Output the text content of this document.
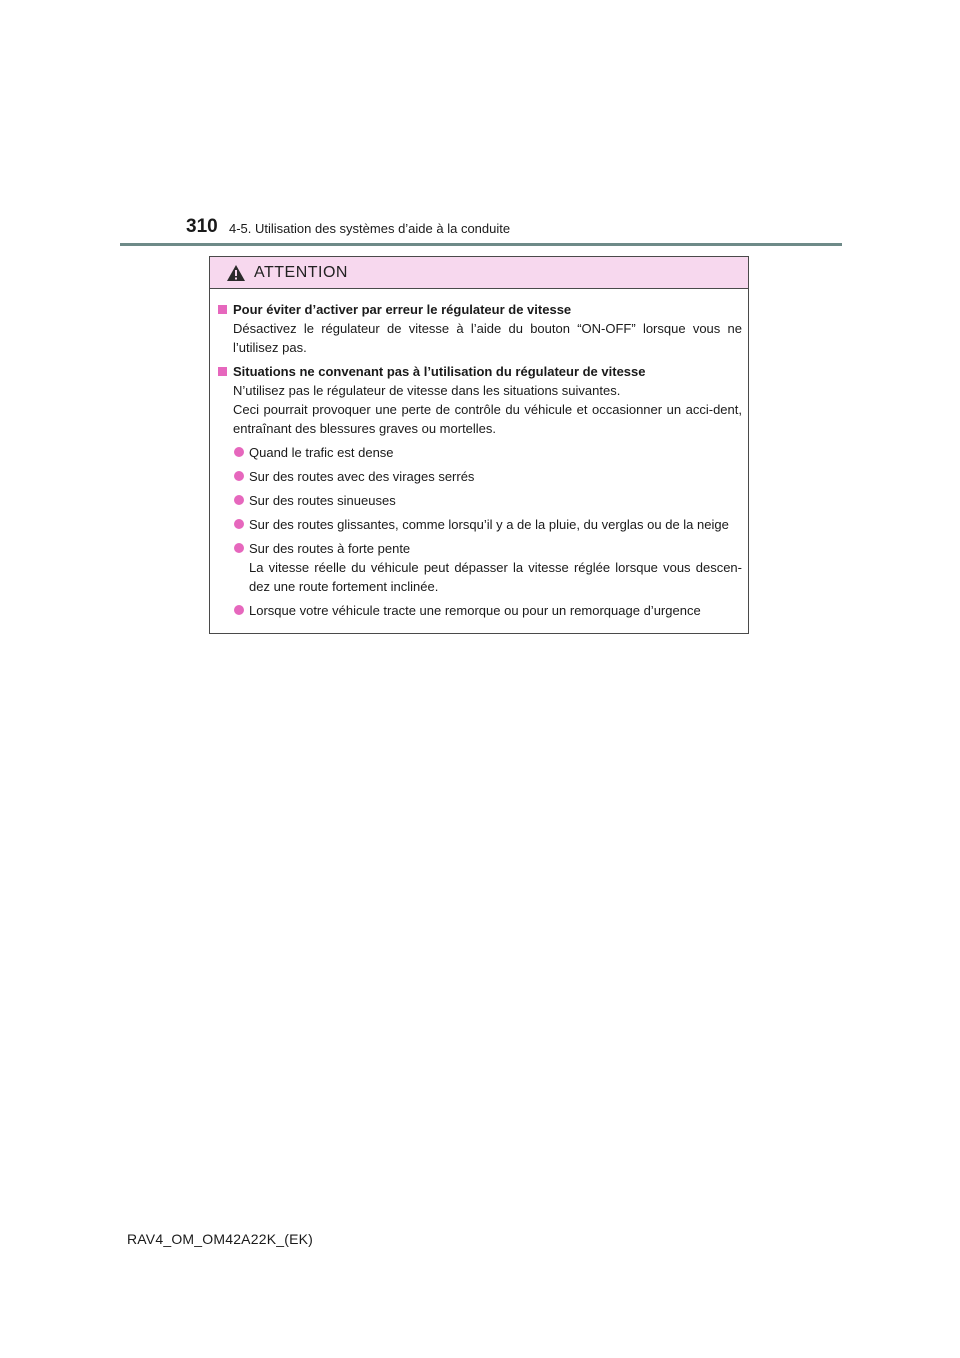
310 4-5. Utilisation des systèmes d’aide à la conduite
ATTENTION
Pour éviter d’activer par erreur le régulateur de vitesse
Désactivez le régulateur de vitesse à l’aide du bouton “ON-OFF” lorsque vous ne l’utilisez pas.
Situations ne convenant pas à l’utilisation du régulateur de vitesse
N’utilisez pas le régulateur de vitesse dans les situations suivantes.
Ceci pourrait provoquer une perte de contrôle du véhicule et occasionner un acci-dent, entraînant des blessures graves ou mortelles.
Quand le trafic est dense
Sur des routes avec des virages serrés
Sur des routes sinueuses
Sur des routes glissantes, comme lorsqu’il y a de la pluie, du verglas ou de la neige
Sur des routes à forte pente
La vitesse réelle du véhicule peut dépasser la vitesse réglée lorsque vous descen-dez une route fortement inclinée.
Lorsque votre véhicule tracte une remorque ou pour un remorquage d’urgence
RAV4_OM_OM42A22K_(EK)
